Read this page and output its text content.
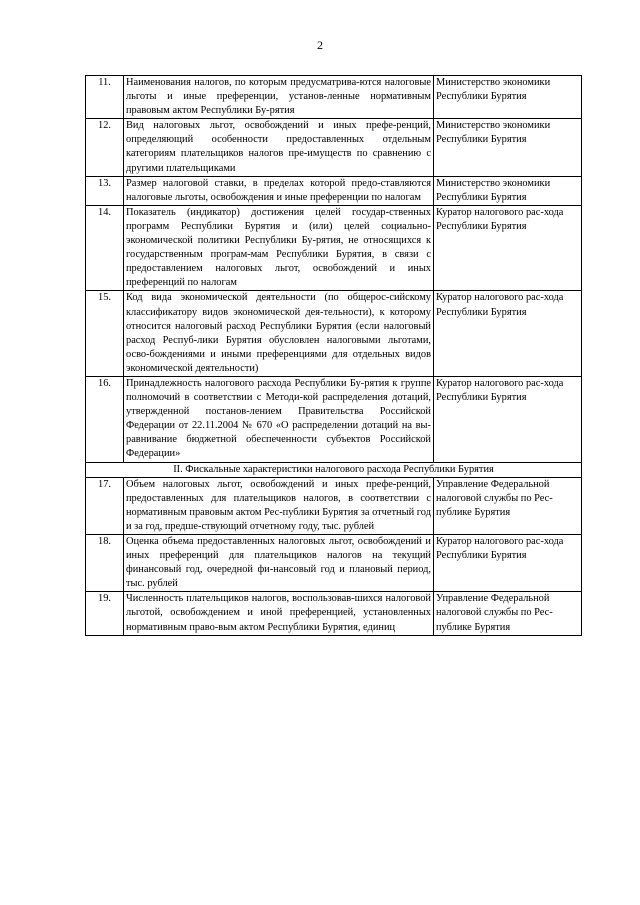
2
11.	Наименования налогов, по которым предусматрива-ются налоговые льготы и иные преференции, установ-ленные нормативным правовым актом Республики Бу-рятия	Министерство экономики Республики Бурятия
12.	Вид налоговых льгот, освобождений и иных префе-ренций, определяющий особенности предоставленных отдельным категориям плательщиков налогов пре-имуществ по сравнению с другими плательщиками	Министерство экономики Республики Бурятия
13.	Размер налоговой ставки, в пределах которой предо-ставляются налоговые льготы, освобождения и иные преференции по налогам	Министерство экономики Республики Бурятия
14.	Показатель (индикатор) достижения целей государ-ственных программ Республики Бурятия и (или) целей социально-экономической политики Республики Бу-рятия, не относящихся к государственным програм-мам Республики Бурятия, в связи с предоставлением налоговых льгот, освобождений и иных преференций по налогам	Куратор налогового рас-хода Республики Бурятия
15.	Код вида экономической деятельности (по общерос-сийскому классификатору видов экономической дея-тельности), к которому относится налоговый расход Республики Бурятия (если налоговый расход Респуб-лики Бурятия обусловлен налоговыми льготами, осво-бождениями и иными преференциями для отдельных видов экономической деятельности)	Куратор налогового рас-хода Республики Бурятия
16.	Принадлежность налогового расхода Республики Бу-рятия к группе полномочий в соответствии с Методи-кой распределения дотаций, утвержденной постанов-лением Правительства Российской Федерации от 22.11.2004 № 670 «О распределении дотаций на вы-равнивание бюджетной обеспеченности субъектов Российской Федерации»	Куратор налогового рас-хода Республики Бурятия
II. Фискальные характеристики налогового расхода Республики Бурятия		
17.	Объем налоговых льгот, освобождений и иных префе-ренций, предоставленных для плательщиков налогов, в соответствии с нормативным правовым актом Рес-публики Бурятия за отчетный год и за год, предше-ствующий отчетному году, тыс. рублей	Управление Федеральной налоговой службы по Рес-публике Бурятия
18.	Оценка объема предоставленных налоговых льгот, освобождений и иных преференций для плательщиков налогов на текущий финансовый год, очередной фи-нансовый год и плановый период, тыс. рублей	Куратор налогового рас-хода Республики Бурятия
19.	Численность плательщиков налогов, воспользовав-шихся налоговой льготой, освобождением и иной преференцией, установленных нормативным право-вым актом Республики Бурятия, единиц	Управление Федеральной налоговой службы по Рес-публике Бурятия
